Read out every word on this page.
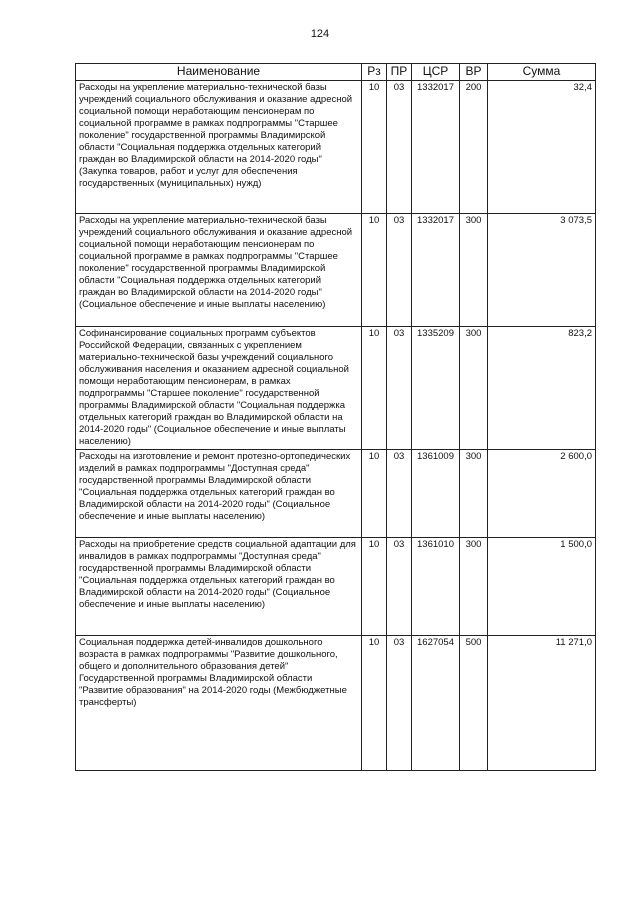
124
Наименование	Рз	ПР	ЦСР	ВР	Сумма
Расходы на укрепление материально-технической базы учреждений социального обслуживания и оказание адресной социальной помощи неработающим пенсионерам по социальной программе в рамках подпрограммы "Старшее поколение" государственной программы Владимирской области "Социальная поддержка отдельных категорий граждан во Владимирской области на 2014-2020 годы" (Закупка товаров, работ и услуг для обеспечения государственных (муниципальных) нужд)	10	03	1332017	200	32,4
Расходы на укрепление материально-технической базы учреждений социального обслуживания и оказание адресной социальной помощи неработающим пенсионерам по социальной программе в рамках подпрограммы "Старшее поколение" государственной программы Владимирской области "Социальная поддержка отдельных категорий граждан во Владимирской области на 2014-2020 годы" (Социальное обеспечение и иные выплаты населению)	10	03	1332017	300	3 073,5
Софинансирование социальных программ субъектов Российской Федерации, связанных с укреплением материально-технической базы учреждений социального обслуживания населения и оказанием адресной социальной помощи неработающим пенсионерам, в рамках подпрограммы "Старшее поколение" государственной программы Владимирской области "Социальная поддержка отдельных категорий граждан во Владимирской области на 2014-2020 годы" (Социальное обеспечение и иные выплаты населению)	10	03	1335209	300	823,2
Расходы на изготовление и ремонт протезно-ортопедических изделий в рамках подпрограммы "Доступная среда" государственной программы Владимирской области "Социальная поддержка отдельных категорий граждан во Владимирской области на 2014-2020 годы" (Социальное обеспечение и иные выплаты населению)	10	03	1361009	300	2 600,0
Расходы на приобретение средств социальной адаптации для инвалидов в рамках подпрограммы "Доступная среда" государственной программы Владимирской области "Социальная поддержка отдельных категорий граждан во Владимирской области на 2014-2020 годы" (Социальное обеспечение и иные выплаты населению)	10	03	1361010	300	1 500,0
Социальная поддержка детей-инвалидов дошкольного возраста в рамках подпрограммы "Развитие дошкольного, общего и дополнительного образования детей" Государственной программы Владимирской области "Развитие образования" на 2014-2020 годы (Межбюджетные трансферты)	10	03	1627054	500	11 271,0
